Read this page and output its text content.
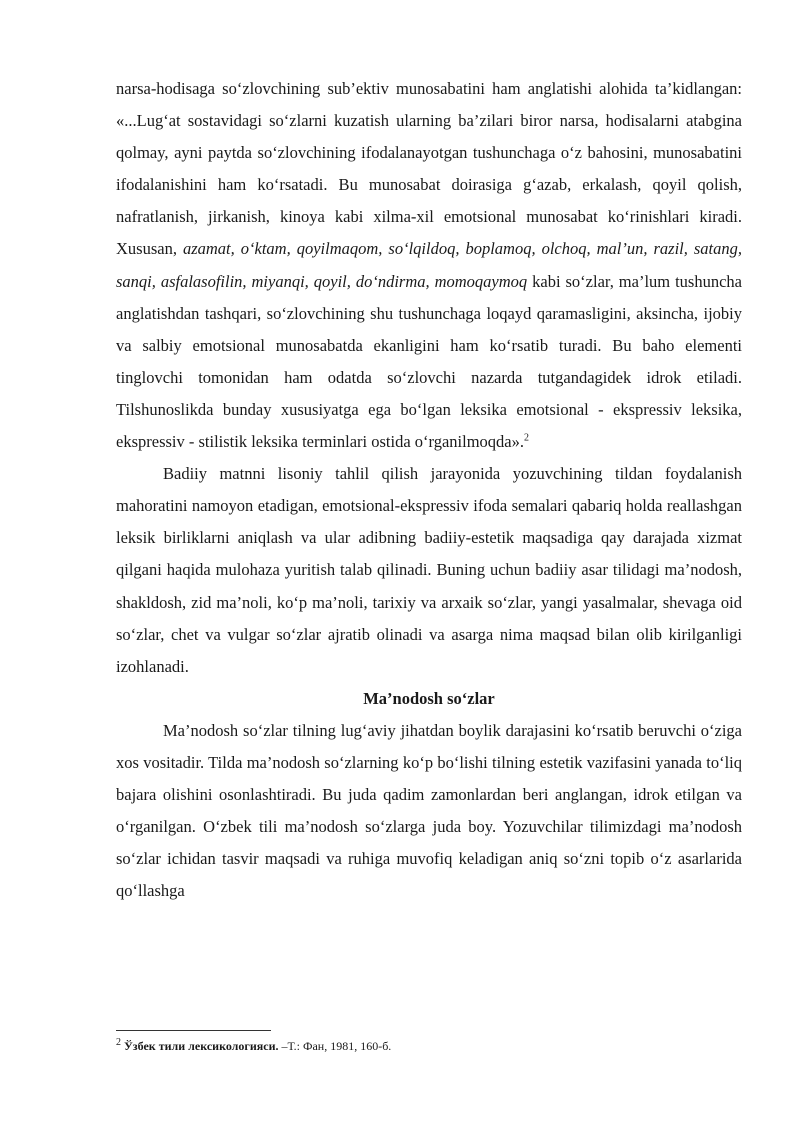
narsa-hodisaga so‘zlovchining sub’ektiv munosabatini ham anglatishi alohida ta’kidlangan: «...Lug‘at sostavidagi so‘zlarni kuzatish ularning ba’zilari biror narsa, hodisalarni atabgina qolmay, ayni paytda so‘zlovchining ifodalanayotgan tushunchaga o‘z bahosini, munosabatini ifodalanishini ham ko‘rsatadi. Bu munosabat doirasiga g‘azab, erkalash, qoyil qolish, nafratlanish, jirkanish, kinoya kabi xilma-xil emotsional munosabat ko‘rinishlari kiradi. Xususan, azamat, o‘ktam, qoyilmaqom, so‘lqildoq, boplamoq, olchoq, mal’un, razil, satang, sanqi, asfalasofilin, miyanqi, qoyil, do‘ndirma, momoqaymoq kabi so‘zlar, ma’lum tushuncha anglatishdan tashqari, so‘zlovchining shu tushunchaga loqayd qaramasligini, aksincha, ijobiy va salbiy emotsional munosabatda ekanligini ham ko‘rsatib turadi. Bu baho elementi tinglovchi tomonidan ham odatda so‘zlovchi nazarda tutgandagidek idrok etiladi. Tilshunoslikda bunday xususiyatga ega bo‘lgan leksika emotsional - ekspressiv leksika, ekspressiv - stilistik leksika terminlari ostida o‘rganilmoqda».$^2$

Badiiy matnni lisoniy tahlil qilish jarayonida yozuvchining tildan foydalanish mahoratini namoyon etadigan, emotsional-ekspressiv ifoda semalari qabariq holda reallashgan leksik birliklarni aniqlash va ular adibning badiiy-estetik maqsadiga qay darajada xizmat qilgani haqida mulohaza yuritish talab qilinadi. Buning uchun badiiy asar tilidagi ma’nodosh, shakldosh, zid ma’noli, ko‘p ma’noli, tarixiy va arxaik so‘zlar, yangi yasalmalar, shevaga oid so‘zlar, chet va vulgar so‘zlar ajratib olinadi va asarga nima maqsad bilan olib kirilganligi izohlanadi.

Ma’nodosh so‘zlar

Ma’nodosh so‘zlar tilning lug‘aviy jihatdan boylik darajasini ko‘rsatib beruvchi o‘ziga xos vositadir. Tilda ma’nodosh so‘zlarning ko‘p bo‘lishi tilning estetik vazifasini yanada to‘liq bajara olishini osonlashtiradi. Bu juda qadim zamonlardan beri anglangan, idrok etilgan va o‘rganilgan. O‘zbek tili ma’nodosh so‘zlarga juda boy. Yozuvchilar tilimizdagi ma’nodosh so‘zlar ichidan tasvir maqsadi va ruhiga muvofiq keladigan aniq so‘zni topib o‘z asarlarida qo‘llashga

$^2$ Ўзбек тили лексикологияси. –Т.: Фан, 1981, 160-б.
